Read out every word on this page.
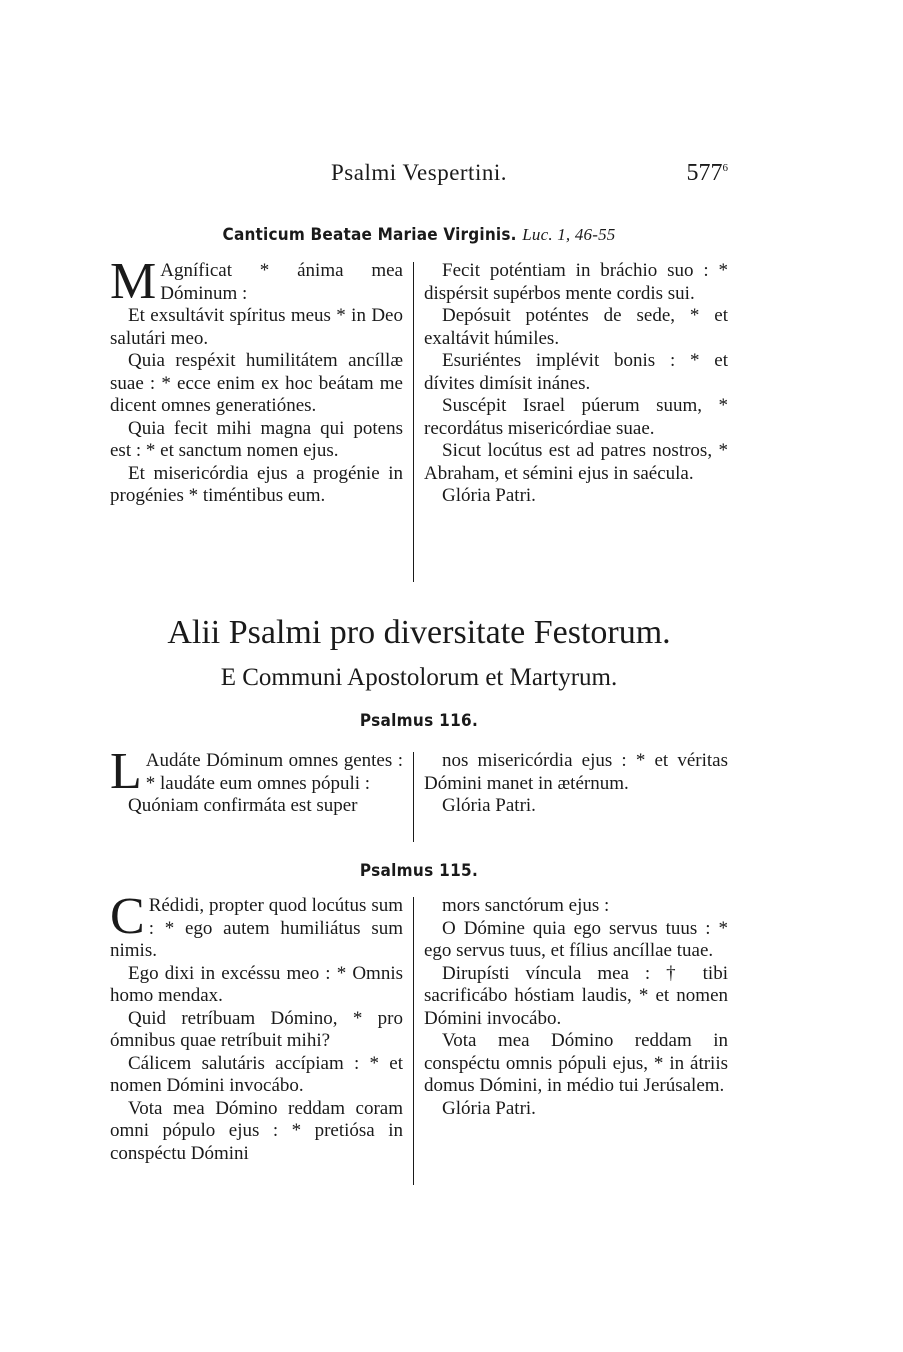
Psalmi Vespertini.	$577^6$
Canticum Beatae Mariae Virginis. Luc. 1, 46-55

M Agníficat * ánima mea Dóminum :

Et exsultávit spíritus meus * in Deo salutári meo.

Quia respéxit humilitátem ancíllæ suae : * ecce enim ex hoc beátam me dicent omnes generatiónes.

Quia fecit mihi magna qui potens est : * et sanctum nomen ejus.

Et misericórdia ejus a progénie in progénies * timéntibus eum.

Fecit poténtiam in bráchio suo : * dispérsit supérbos mente cordis sui.

Depósuit poténtes de sede, * et exaltávit húmiles.

Esuriéntes implévit bonis : * et dívites dimísit inánes.

Suscépit Israel púerum suum, * recordátus misericórdiae suae.

Sicut locútus est ad patres nostros, * Abraham, et sémini ejus in saécula.

Glória Patri.

Alii Psalmi pro diversitate Festorum.
E Communi Apostolorum et Martyrum.
Psalmus 116.

L Audáte Dóminum omnes gentes : * laudáte eum omnes pópuli :

Quóniam confirmáta est super

nos misericórdia ejus : * et véritas Dómini manet in ætérnum.

Glória Patri.

Psalmus 115.

C Rédidi, propter quod locútus sum : * ego autem humiliátus sum nimis.

Ego dixi in excéssu meo : * Omnis homo mendax.

Quid retríbuam Dómino, * pro ómnibus quae retríbuit mihi?

Cálicem salutáris accípiam : * et nomen Dómini invocábo.

Vota mea Dómino reddam coram omni pópulo ejus : * pretiósa in conspéctu Dómini

mors sanctórum ejus :

O Dómine quia ego servus tuus : * ego servus tuus, et fílius ancíllae tuae.

Dirupísti víncula mea : † tibi sacrificábo hóstiam laudis, * et nomen Dómini invocábo.

Vota mea Dómino reddam in conspéctu omnis pópuli ejus, * in átriis domus Dómini, in médio tui Jerúsalem.

Glória Patri.
